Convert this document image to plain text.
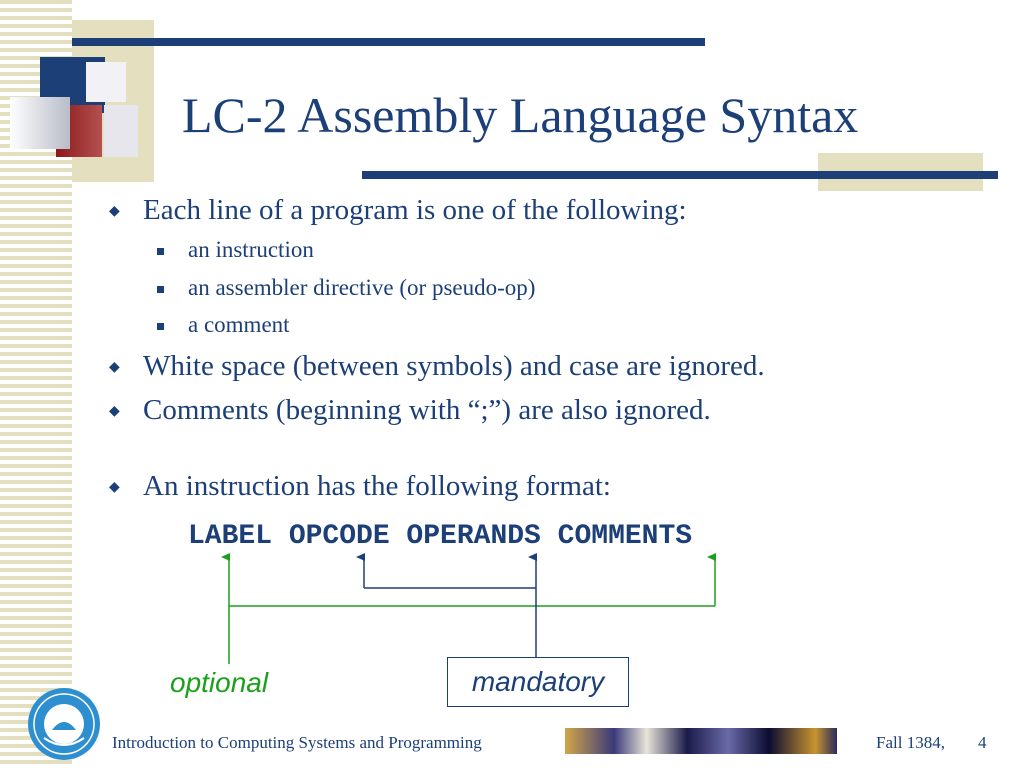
LC-2 Assembly Language Syntax
◆ Each line of a program is one of the following:
an instruction
an assembler directive (or pseudo-op)
a comment
◆ White space (between symbols) and case are ignored.
◆ Comments (beginning with “;”) are also ignored.
◆ An instruction has the following format:
LABEL OPCODE OPERANDS COMMENTS
optional	mandatory
Introduction to Computing Systems and Programming	Fall 1384, 4
